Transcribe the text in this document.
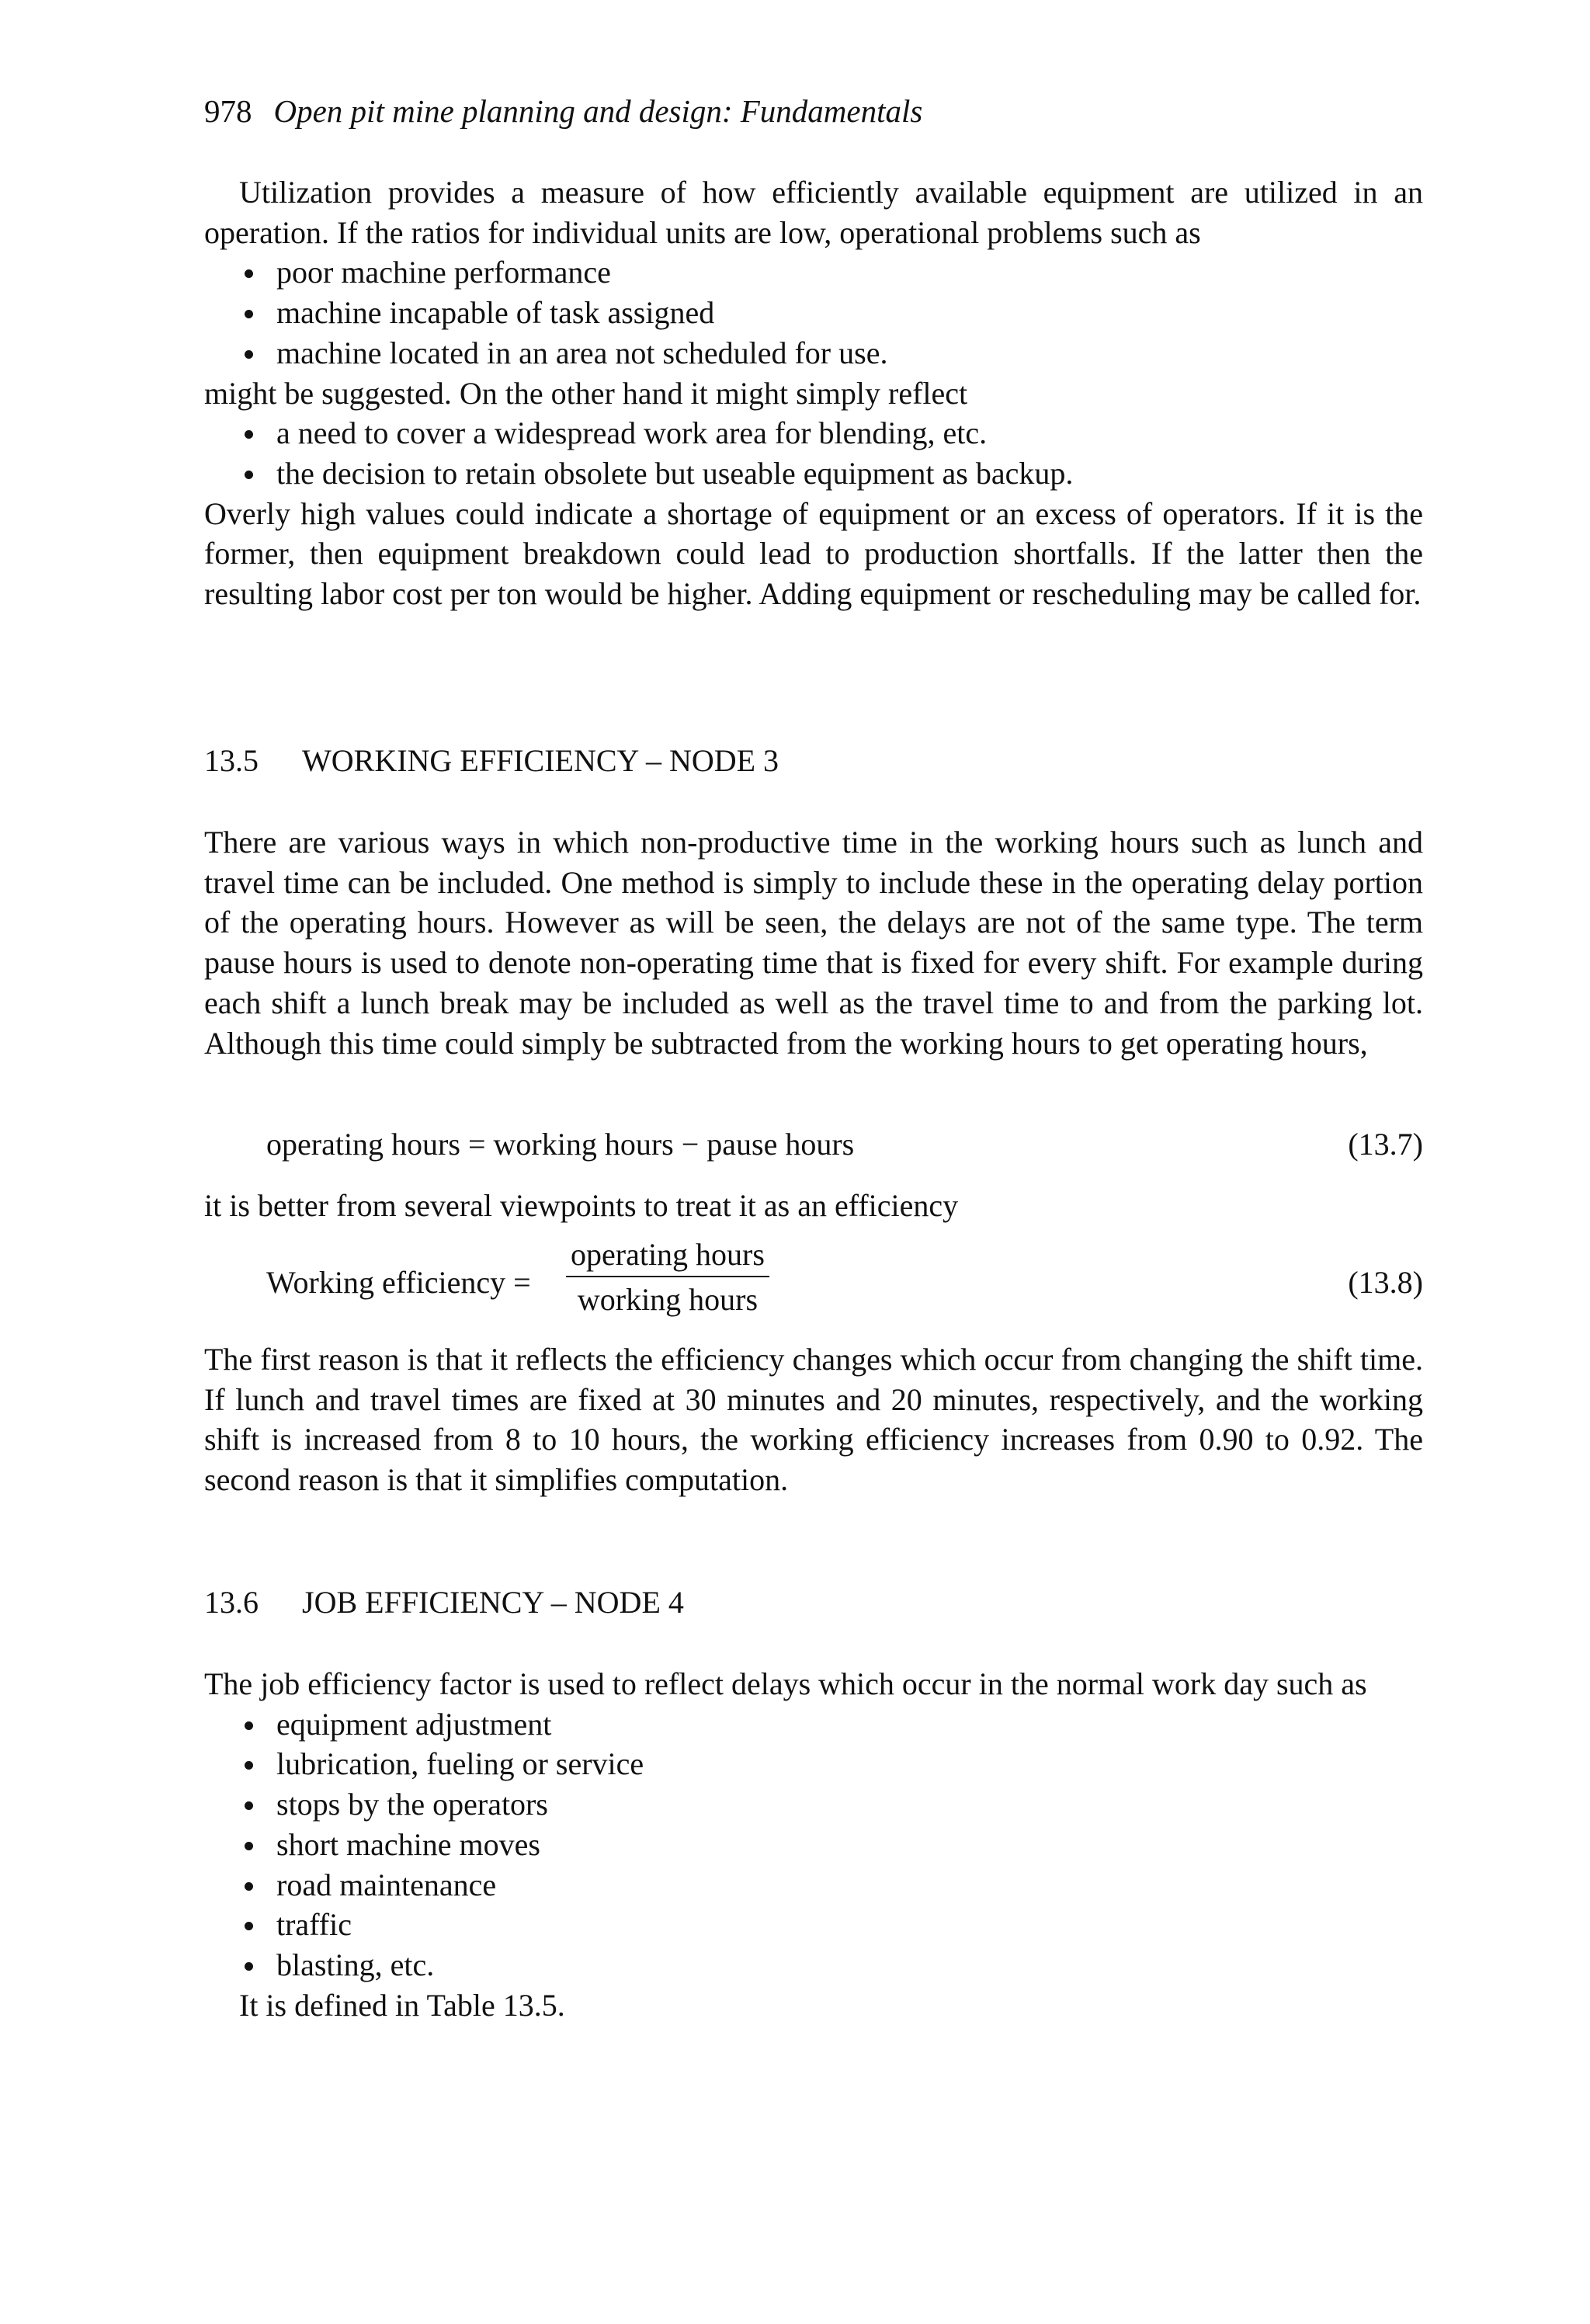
978 Open pit mine planning and design: Fundamentals

Utilization provides a measure of how efficiently available equipment are utilized in an operation. If the ratios for individual units are low, operational problems such as

poor machine performance
machine incapable of task assigned
machine located in an area not scheduled for use.

might be suggested. On the other hand it might simply reflect

a need to cover a widespread work area for blending, etc.
the decision to retain obsolete but useable equipment as backup.

Overly high values could indicate a shortage of equipment or an excess of operators. If it is the former, then equipment breakdown could lead to production shortfalls. If the latter then the resulting labor cost per ton would be higher. Adding equipment or rescheduling may be called for.

13.5 WORKING EFFICIENCY – NODE 3

There are various ways in which non-productive time in the working hours such as lunch and travel time can be included. One method is simply to include these in the operating delay portion of the operating hours. However as will be seen, the delays are not of the same type. The term pause hours is used to denote non-operating time that is fixed for every shift. For example during each shift a lunch break may be included as well as the travel time to and from the parking lot. Although this time could simply be subtracted from the working hours to get operating hours,

operating hours = working hours − pause hours	(13.7)

it is better from several viewpoints to treat it as an efficiency

Working efficiency =
operating hours
working hours	(13.8)

The first reason is that it reflects the efficiency changes which occur from changing the shift time. If lunch and travel times are fixed at 30 minutes and 20 minutes, respectively, and the working shift is increased from 8 to 10 hours, the working efficiency increases from 0.90 to 0.92. The second reason is that it simplifies computation.

13.6 JOB EFFICIENCY – NODE 4

The job efficiency factor is used to reflect delays which occur in the normal work day such as

equipment adjustment
lubrication, fueling or service
stops by the operators
short machine moves
road maintenance
traffic
blasting, etc.

It is defined in Table 13.5.
